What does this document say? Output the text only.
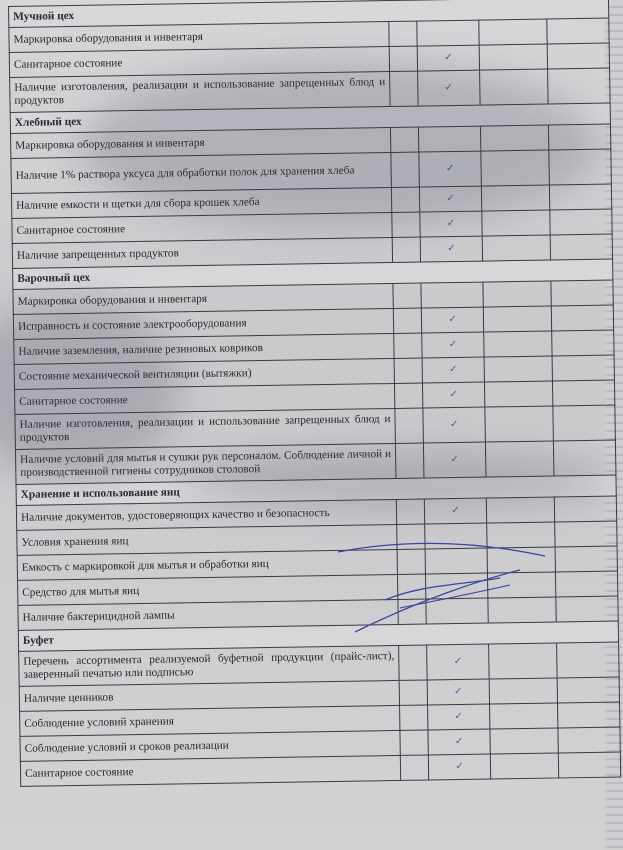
Мучной цех				
Маркировка оборудования и инвентаря				
Санитарное состояние		✓		
Наличие изготовления, реализации и использование запрещенных блюд и продуктов		✓		
Хлебный цех				
Маркировка оборудования и инвентаря				
Наличие 1% раствора уксуса для обработки полок для хранения хлеба		✓		
Наличие емкости и щетки для сбора крошек хлеба		✓		
Санитарное состояние		✓		
Наличие запрещенных продуктов		✓		
Варочный цех				
Маркировка оборудования и инвентаря				
Исправность и состояние электрооборудования		✓		
Наличие заземления, наличие резиновых ковриков		✓		
Состояние механической вентиляции (вытяжки)		✓		
Санитарное состояние		✓		
Наличие изготовления, реализации и использование запрещенных блюд и продуктов		✓		
Наличие условий для мытья и сушки рук персоналом. Соблюдение личной и производственной гигиены сотрудников столовой		✓		
Хранение и использование яиц				
Наличие документов, удостоверяющих качество и безопасность		✓		
Условия хранения яиц				
Емкость с маркировкой для мытья и обработки яиц				
Средство для мытья яиц				
Наличие бактерицидной лампы				
Буфет				
Перечень ассортимента реализуемой буфетной продукции (прайс-лист), заверенный печатью или подписью		✓		
Наличие ценников		✓		
Соблюдение условий хранения		✓		
Соблюдение условий и сроков реализации		✓		
Санитарное состояние		✓		
